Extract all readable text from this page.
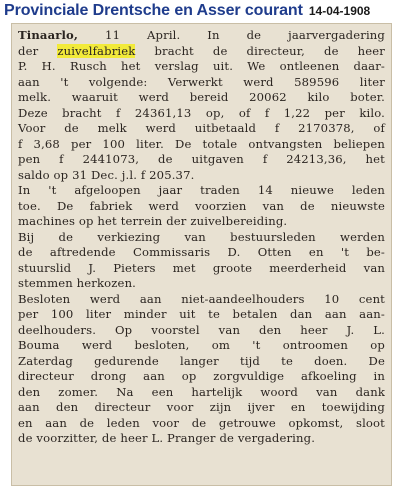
Provinciale Drentsche en Asser courant 14-04-1908
Tinaarlo, 11 April. In de jaarvergadering
der zuivelfabriek bracht de directeur, de heer
P. H. Rusch het verslag uit. We ontleenen daar-
aan 't volgende: Verwerkt werd 589596 liter
melk. waaruit werd bereid 20062 kilo boter.
Deze bracht f 24361,13 op, of f 1,22 per kilo.
Voor de melk werd uitbetaald f 2170378, of
f 3,68 per 100 liter. De totale ontvangsten beliepen
pen f 2441073, de uitgaven f 24213,36, het
saldo op 31 Dec. j.l. f 205.37.
In 't afgeloopen jaar traden 14 nieuwe leden
toe. De fabriek werd voorzien van de nieuwste
machines op het terrein der zuivelbereiding.
Bij de verkiezing van bestuursleden werden
de aftredende Commissaris D. Otten en 't be-
stuurslid J. Pieters met groote meerderheid van
stemmen herkozen.
Besloten werd aan niet-aandeelhouders 10 cent
per 100 liter minder uit te betalen dan aan aan-
deelhouders. Op voorstel van den heer J. L.
Bouma werd besloten, om 't ontroomen op
Zaterdag gedurende langer tijd te doen. De
directeur drong aan op zorgvuldige afkoeling in
den zomer. Na een hartelijk woord van dank
aan den directeur voor zijn ijver en toewijding
en aan de leden voor de getrouwe opkomst, sloot
de voorzitter, de heer L. Pranger de vergadering.
